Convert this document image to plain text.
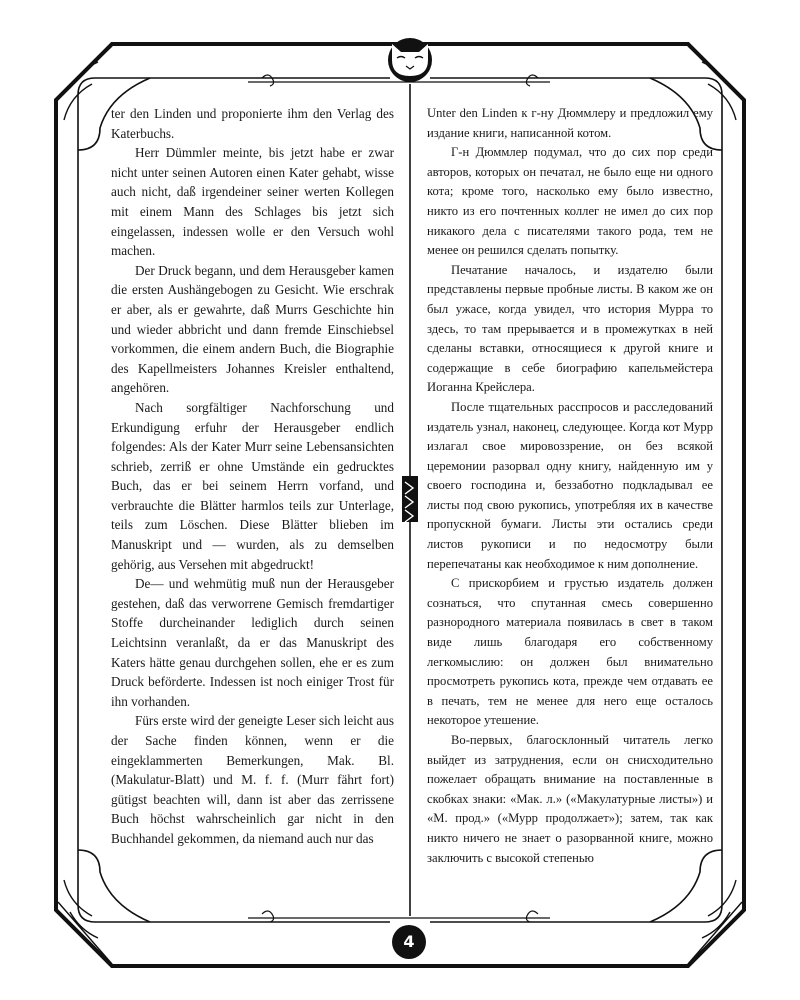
ter den Linden und proponierte ihm den Verlag des Katerbuchs.

Herr Dümmler meinte, bis jetzt habe er zwar nicht unter seinen Autoren einen Kater gehabt, wisse auch nicht, daß irgendeiner seiner werten Kollegen mit einem Mann des Schlages bis jetzt sich eingelassen, indessen wolle er den Versuch wohl machen.

Der Druck begann, und dem Herausgeber kamen die ersten Aushängebogen zu Gesicht. Wie erschrak er aber, als er gewahrte, daß Murrs Geschichte hin und wieder abbricht und dann fremde Einschiebsel vorkommen, die einem andern Buch, die Biographie des Kapellmeisters Johannes Kreisler enthaltend, angehören.

Nach sorgfältiger Nachforschung und Erkundigung erfuhr der Herausgeber endlich folgendes: Als der Kater Murr seine Lebensansichten schrieb, zerriß er ohne Umstände ein gedrucktes Buch, das er bei seinem Herrn vorfand, und verbrauchte die Blätter harmlos teils zur Unterlage, teils zum Löschen. Diese Blätter blieben im Manuskript und — wurden, als zu demselben gehörig, aus Versehen mit abgedruckt!

De— und wehmütig muß nun der Herausgeber gestehen, daß das verworrene Gemisch fremdartiger Stoffe durcheinander lediglich durch seinen Leichtsinn veranlaßt, da er das Manuskript des Katers hätte genau durchgehen sollen, ehe er es zum Druck beförderte. Indessen ist noch einiger Trost für ihn vorhanden.

Fürs erste wird der geneigte Leser sich leicht aus der Sache finden können, wenn er die eingeklammerten Bemerkungen, Mak. Bl. (Makulatur-Blatt) und M. f. f. (Murr fährt fort) gütigst beachten will, dann ist aber das zerrissene Buch höchst wahrscheinlich gar nicht in den Buchhandel gekommen, da niemand auch nur das

Unter den Linden к г-ну Дюммлеру и предложил ему издание книги, написанной котом.

Г-н Дюммлер подумал, что до сих пор среди авторов, которых он печатал, не было еще ни одного кота; кроме того, насколько ему было известно, никто из его почтенных коллег не имел до сих пор никакого дела с писателями такого рода, тем не менее он решился сделать попытку.

Печатание началось, и издателю были представлены первые пробные листы. В каком же он был ужасе, когда увидел, что история Мурра то здесь, то там прерывается и в промежутках в ней сделаны вставки, относящиеся к другой книге и содержащие в себе биографию капельмейстера Иоганна Крейслера.

После тщательных расспросов и расследований издатель узнал, наконец, следующее. Когда кот Мурр излагал свое мировоззрение, он без всякой церемонии разорвал одну книгу, найденную им у своего господина и, беззаботно подкладывал ее листы под свою рукопись, употребляя их в качестве пропускной бумаги. Листы эти остались среди листов рукописи и по недосмотру были перепечатаны как необходимое к ним дополнение.

С прискорбием и грустью издатель должен сознаться, что спутанная смесь совершенно разнородного материала появилась в свет в таком виде лишь благодаря его собственному легкомыслию: он должен был внимательно просмотреть рукопись кота, прежде чем отдавать ее в печать, тем не менее для него еще осталось некоторое утешение.

Во-первых, благосклонный читатель легко выйдет из затруднения, если он снисходительно пожелает обращать внимание на поставленные в скобках знаки: «Мак. л.» («Макулатурные листы») и «М. прод.» («Мурр продолжает»); затем, так как никто ничего не знает о разорванной книге, можно заключить с высокой степенью

4
